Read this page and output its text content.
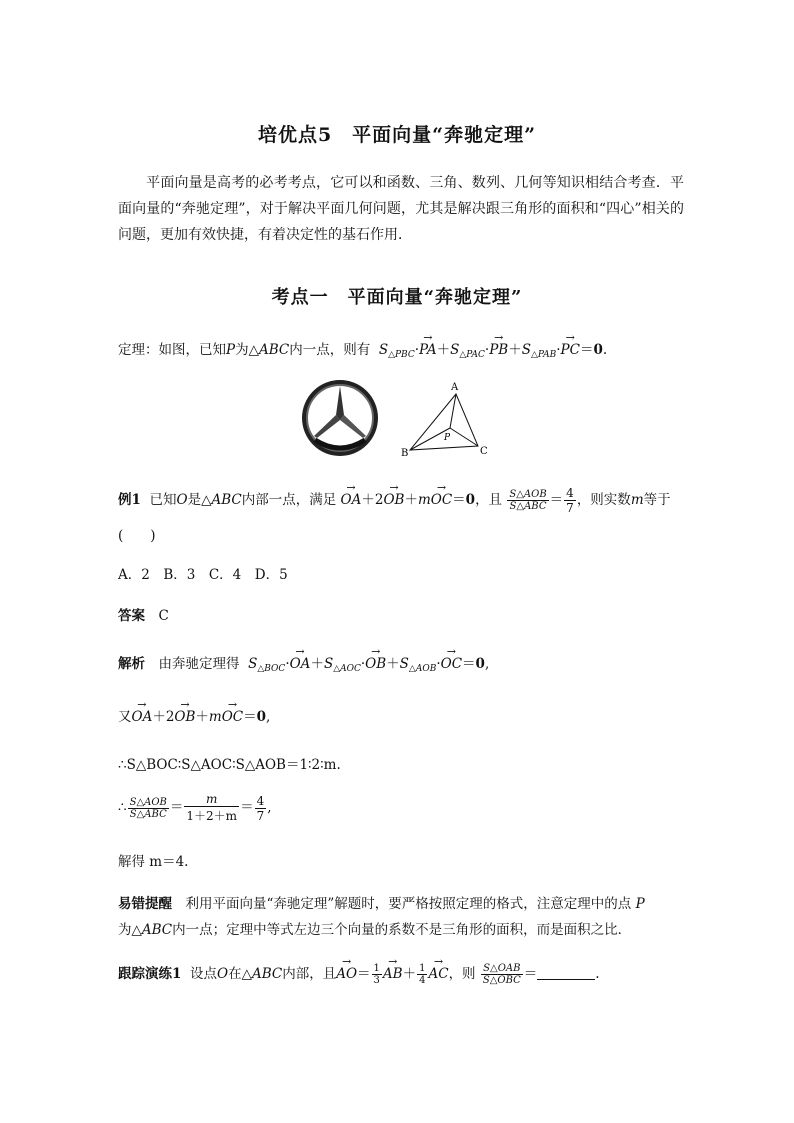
培优点5　平面向量“奔驰定理”
  平面向量是高考的必考考点，它可以和函数、三角、数列、几何等知识相结合考查．平面向量的“奔驰定理”，对于解决平面几何问题，尤其是解决跟三角形的面积和“四心”相关的问题，更加有效快捷，有着决定性的基石作用．
考点一　平面向量“奔驰定理”
定理：如图，已知P为△ABC内一点，则有 $S_{\triangle PBC}\cdot\to PA+S_{\triangle PAC}\cdot\to PB+S_{\triangle PAB}\cdot\to PC=0$.
A
B	C
P
例1 已知O是△ABC内部一点，满足 → OA＋2→ OB＋m→ OC＝0，且 $\frac{\text{S△AOB}}{\text{S△ABC}} = \frac{4}{7}$ ，则实数m等于
(　　)
A．2　B．3　C．4　D．5
答案  C
解析  由奔驰定理得 $S_{\triangle BOC}\cdot\to OA+S_{\triangle AOC}\cdot\to OB+S_{\triangle AOB}\cdot\to OC=0$,
又→ OA＋2→ OB＋m→ OC＝0,
∴S△BOC∶S△AOC∶S△AOB＝1∶2∶m.
∴ $\frac{\text{S△AOB}}{\text{S△ABC}} = \frac{m}{1+2+m} = \frac{4}{7}$ ,
解得 m＝4.
易错提醒  利用平面向量“奔驰定理”解题时，要严格按照定理的格式，注意定理中的点 P
为△ABC内一点；定理中等式左边三个向量的系数不是三角形的面积，而是面积之比．
跟踪演练1 设点O在△ABC内部，且→ $AO= \frac{1}{3}$
→ $AB+ \frac{1}{4}$
→ AC，则 $\frac{\text{S△OAB}}{\text{S△OBC}}$ ＝	.
